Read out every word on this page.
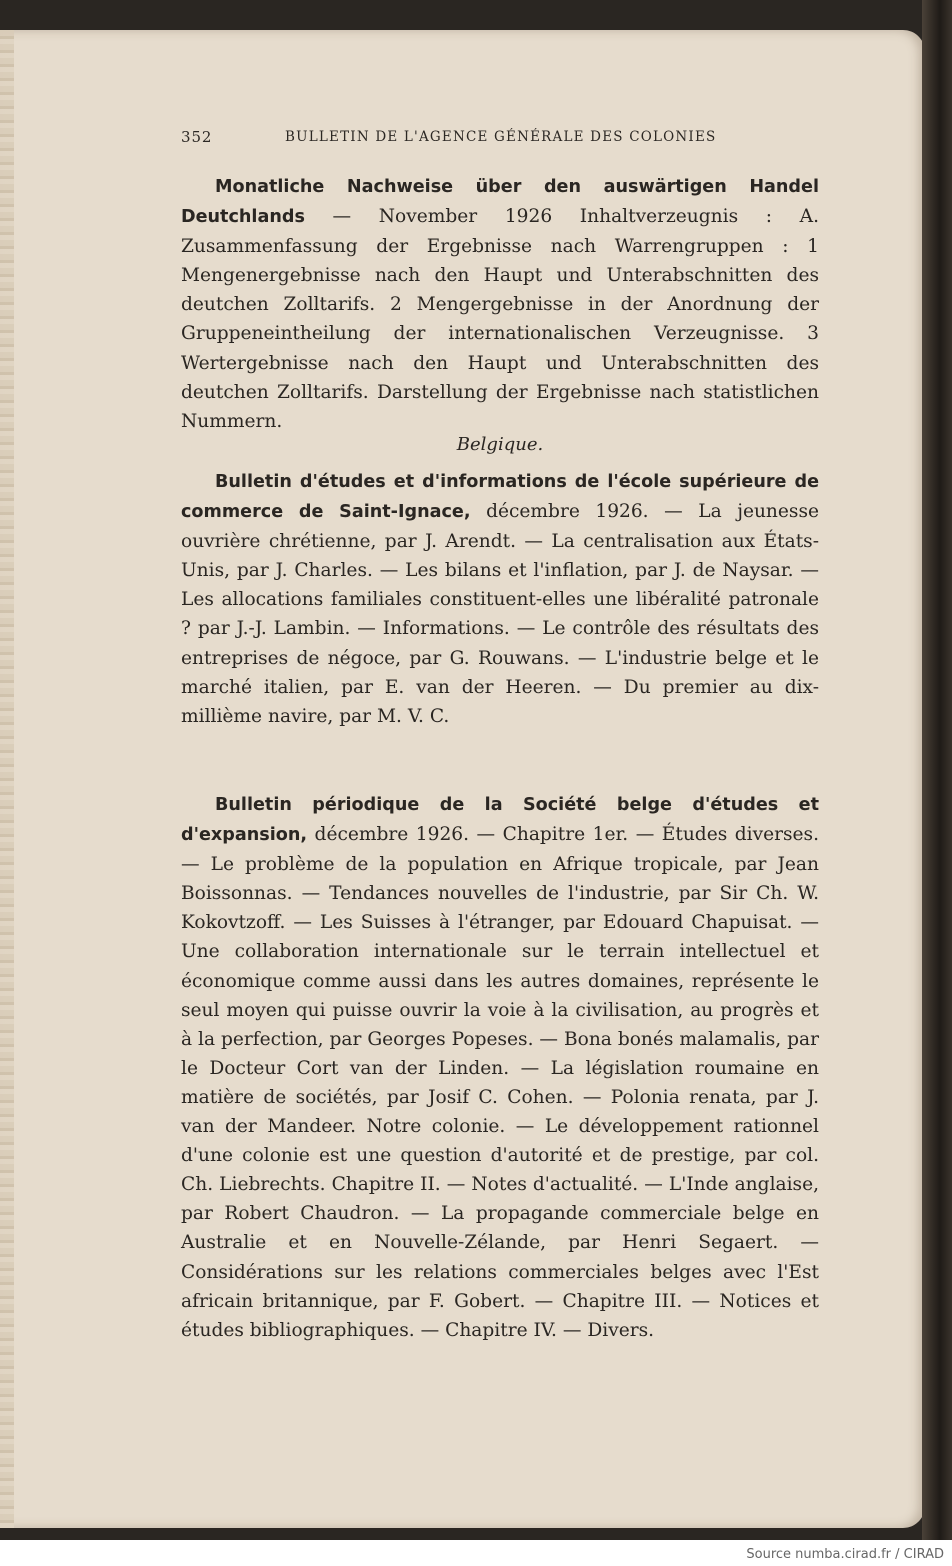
352	BULLETIN DE L'AGENCE GÉNÉRALE DES COLONIES
Monatliche Nachweise über den auswärtigen Handel Deutchlands — November 1926 Inhaltverzeugnis : A. Zusammenfassung der Ergebnisse nach Warrengruppen : 1 Mengenergebnisse nach den Haupt und Unterabschnitten des deutchen Zolltarifs. 2 Mengergebnisse in der Anordnung der Gruppeneintheilung der internationalischen Verzeugnisse. 3 Wertergebnisse nach den Haupt und Unterabschnitten des deutchen Zolltarifs. Darstellung der Ergebnisse nach statistlichen Nummern.
Belgique.
Bulletin d'études et d'informations de l'école supérieure de commerce de Saint-Ignace, décembre 1926. — La jeunesse ouvrière chrétienne, par J. Arendt. — La centralisation aux États-Unis, par J. Charles. — Les bilans et l'inflation, par J. de Naysar. — Les allocations familiales constituent-elles une libéralité patronale ? par J.-J. Lambin. — Informations. — Le contrôle des résultats des entreprises de négoce, par G. Rouwans. — L'industrie belge et le marché italien, par E. van der Heeren. — Du premier au dix-millième navire, par M. V. C.
Bulletin périodique de la Société belge d'études et d'expansion, décembre 1926. — Chapitre 1er. — Études diverses. — Le problème de la population en Afrique tropicale, par Jean Boissonnas. — Tendances nouvelles de l'industrie, par Sir Ch. W. Kokovtzoff. — Les Suisses à l'étranger, par Edouard Chapuisat. — Une collaboration internationale sur le terrain intellectuel et économique comme aussi dans les autres domaines, représente le seul moyen qui puisse ouvrir la voie à la civilisation, au progrès et à la perfection, par Georges Popeses. — Bona bonés malamalis, par le Docteur Cort van der Linden. — La législation roumaine en matière de sociétés, par Josif C. Cohen. — Polonia renata, par J. van der Mandeer. Notre colonie. — Le développement rationnel d'une colonie est une question d'autorité et de prestige, par col. Ch. Liebrechts. Chapitre II. — Notes d'actualité. — L'Inde anglaise, par Robert Chaudron. — La propagande commerciale belge en Australie et en Nouvelle-Zélande, par Henri Segaert. — Considérations sur les relations commerciales belges avec l'Est africain britannique, par F. Gobert. — Chapitre III. — Notices et études bibliographiques. — Chapitre IV. — Divers.
Source numba.cirad.fr / CIRAD
